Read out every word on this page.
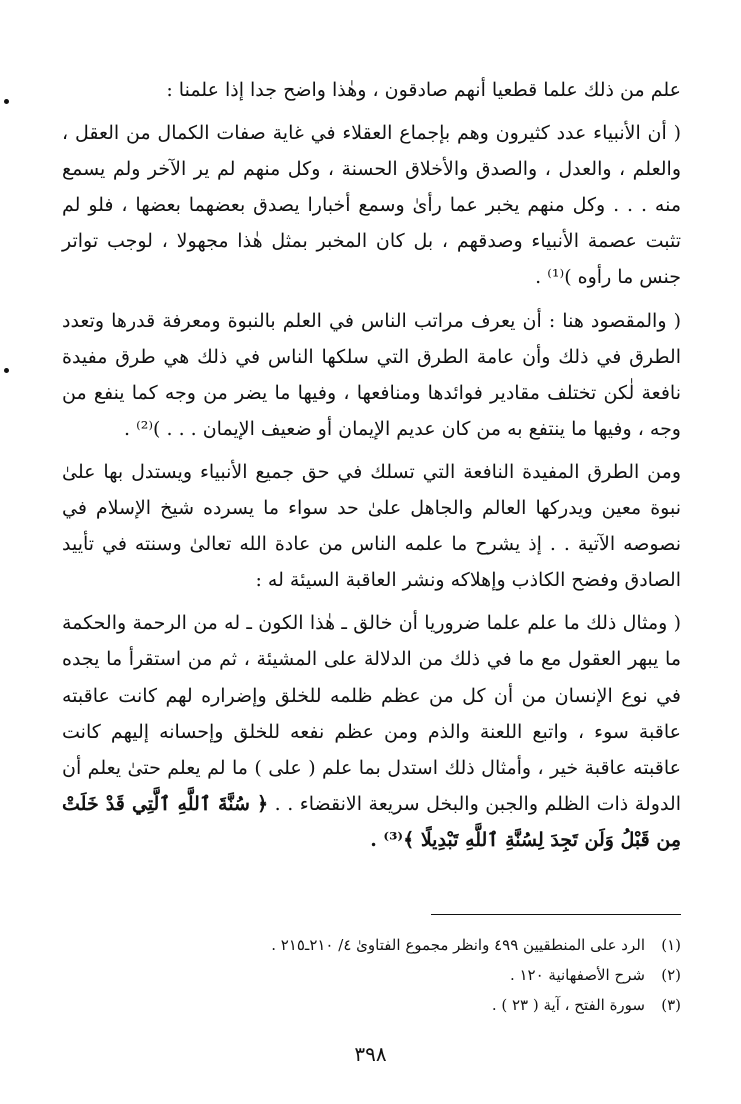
علم من ذلك علما قطعيا أنهم صادقون ، وهٰذا واضح جدا إذا علمنا :

( أن الأنبياء عدد كثيرون وهم بإجماع العقلاء في غاية صفات الكمال من العقل ، والعلم ، والعدل ، والصدق والأخلاق الحسنة ، وكل منهم لم ير الآخر ولم يسمع منه . . . وكل منهم يخبر عما رأىٰ وسمع أخبارا يصدق بعضهما بعضها ، فلو لم تثبت عصمة الأنبياء وصدقهم ، بل كان المخبر بمثل هٰذا مجهولا ، لوجب تواتر جنس ما رأوه )⁽¹⁾ .

( والمقصود هنا : أن يعرف مراتب الناس في العلم بالنبوة ومعرفة قدرها وتعدد الطرق في ذلك وأن عامة الطرق التي سلكها الناس في ذلك هي طرق مفيدة نافعة لٰكن تختلف مقادير فوائدها ومنافعها ، وفيها ما يضر من وجه كما ينفع من وجه ، وفيها ما ينتفع به من كان عديم الإيمان أو ضعيف الإيمان . . . )⁽²⁾ .

ومن الطرق المفيدة النافعة التي تسلك في حق جميع الأنبياء ويستدل بها علىٰ نبوة معين ويدركها العالم والجاهل علىٰ حد سواء ما يسرده شيخ الإسلام في نصوصه الآتية . . إذ يشرح ما علمه الناس من عادة الله تعالىٰ وسنته في تأييد الصادق وفضح الكاذب وإهلاكه ونشر العاقبة السيئة له :

( ومثال ذلك ما علم علما ضروريا أن خالق ـ هٰذا الكون ـ له من الرحمة والحكمة ما يبهر العقول مع ما في ذلك من الدلالة على المشيئة ، ثم من استقرأ ما يجده في نوع الإنسان من أن كل من عظم ظلمه للخلق وإضراره لهم كانت عاقبته عاقبة سوء ، واتبع اللعنة والذم ومن عظم نفعه للخلق وإحسانه إليهم كانت عاقبته عاقبة خير ، وأمثال ذلك استدل بما علم ( على ) ما لم يعلم حتىٰ يعلم أن الدولة ذات الظلم والجبن والبخل سريعة الانقضاء . . ﴿ سُنَّةَ ٱللَّهِ ٱلَّتِي قَدْ خَلَتْ مِن قَبْلُ وَلَن تَجِدَ لِسُنَّةِ ٱللَّهِ تَبْدِيلًا ﴾⁽³⁾ .

(١)
الرد على المنطقيين ٤٩٩ وانظر مجموع الفتاوىٰ ٤/ ٢١٠ـ٢١٥ .
(٢)
شرح الأصفهانية ١٢٠ .
(٣)
سورة الفتح ، آية ( ٢٣ ) .
٣٩٨
